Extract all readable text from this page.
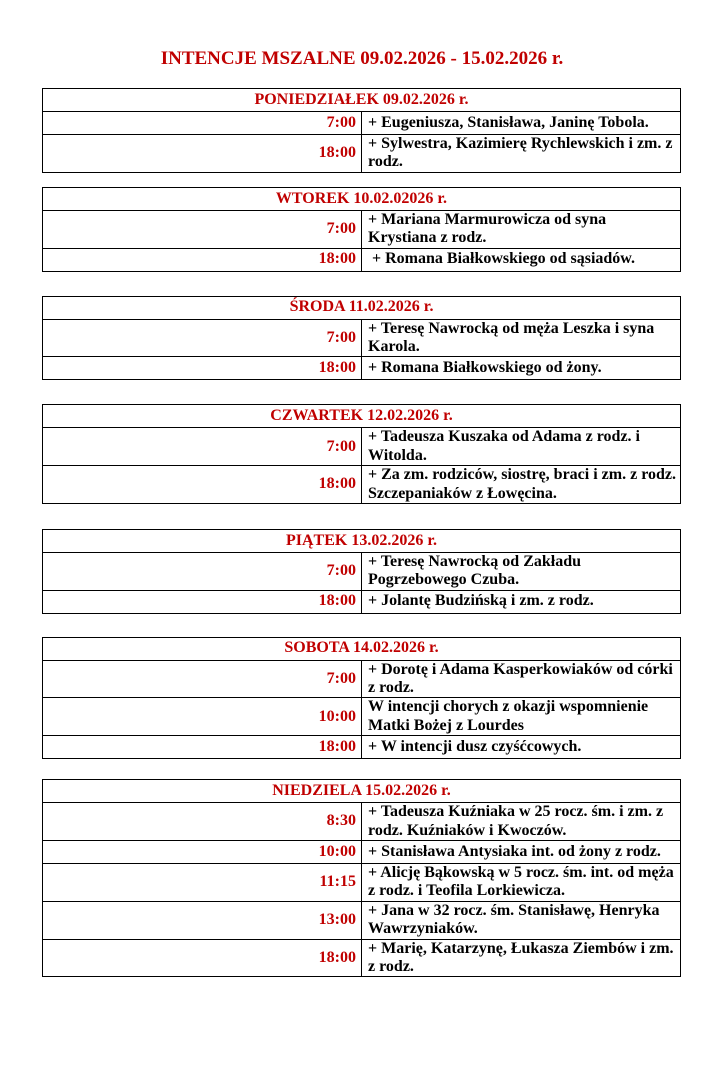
INTENCJE MSZALNE 09.02.2026 - 15.02.2026 r.
PONIEDZIAŁEK 09.02.2026 r.	
7:00	+ Eugeniusza, Stanisława, Janinę Tobola.
18:00	+ Sylwestra, Kazimierę Rychlewskich i zm. z rodz.
WTOREK 10.02.02026 r.	
7:00	+ Mariana Marmurowicza od syna Krystiana z rodz.
18:00	+ Romana Białkowskiego od sąsiadów.
ŚRODA 11.02.2026 r.	
7:00	+ Teresę Nawrocką od męża Leszka i syna Karola.
18:00	+ Romana Białkowskiego od żony.
CZWARTEK 12.02.2026 r.	
7:00	+ Tadeusza Kuszaka od Adama z rodz. i Witolda.
18:00	+ Za zm. rodziców, siostrę, braci i zm. z rodz. Szczepaniaków z Łowęcina.
PIĄTEK 13.02.2026 r.	
7:00	+ Teresę Nawrocką od Zakładu Pogrzebowego Czuba.
18:00	+ Jolantę Budzińską i zm. z rodz.
SOBOTA 14.02.2026 r.	
7:00	+ Dorotę i Adama Kasperkowiaków od córki z rodz.
10:00	W intencji chorych z okazji wspomnienie Matki Bożej z Lourdes
18:00	+ W intencji dusz czyśćcowych.
NIEDZIELA 15.02.2026 r.	
8:30	+ Tadeusza Kuźniaka w 25 rocz. śm. i zm. z rodz. Kuźniaków i Kwoczów.
10:00	+ Stanisława Antysiaka int. od żony z rodz.
11:15	+ Alicję Bąkowską w 5 rocz. śm. int. od męża z rodz. i Teofila Lorkiewicza.
13:00	+ Jana w 32 rocz. śm. Stanisławę, Henryka Wawrzyniaków.
18:00	+ Marię, Katarzynę, Łukasza Ziembów i zm. z rodz.
